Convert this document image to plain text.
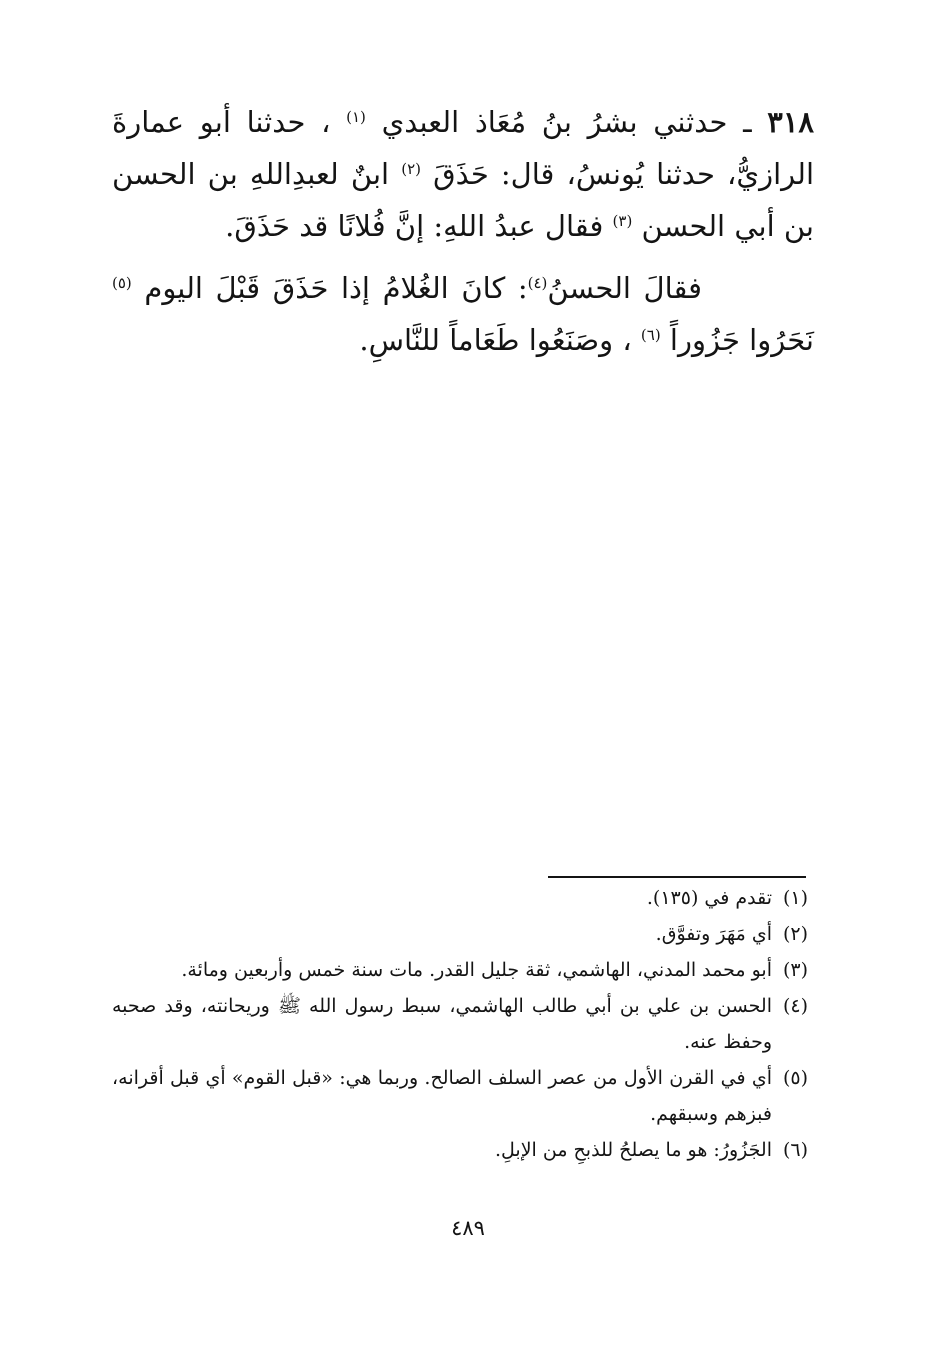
٣١٨ ـ حدثني بشرُ بنُ مُعَاذ العبدي $^{(١)}$ ، حدثنا أبو عمارةَ الرازيُّ، حدثنا يُونسُ، قال: حَذَقَ $^{(٢)}$ ابنٌ لعبدِاللهِ بن الحسن بن أبي الحسن $^{(٣)}$ فقال عبدُ اللهِ: إنَّ فُلانًا قد حَذَقَ.

فقالَ الحسنُ$^{(٤)}$: كانَ الغُلامُ إذا حَذَقَ قَبْلَ اليوم $^{(٥)}$ نَحَرُوا جَزُوراً $^{(٦)}$ ، وصَنَعُوا طَعَاماً للنَّاسِ.

(١)
تقدم في (١٣٥).
(٢)
أي مَهَرَ وتفوَّق.
(٣)
أبو محمد المدني، الهاشمي، ثقة جليل القدر. مات سنة خمس وأربعين ومائة.
(٤)
الحسن بن علي بن أبي طالب الهاشمي، سبط رسول الله ﷺ وريحانته، وقد صحبه وحفظ عنه.
(٥)
أي في القرن الأول من عصر السلف الصالح. وربما هي: «قبل القوم» أي قبل أقرانه، فبزهم وسبقهم.
(٦)
الجَزُورُ: هو ما يصلحُ للذبحِ من الإبلِ.
٤٨٩
